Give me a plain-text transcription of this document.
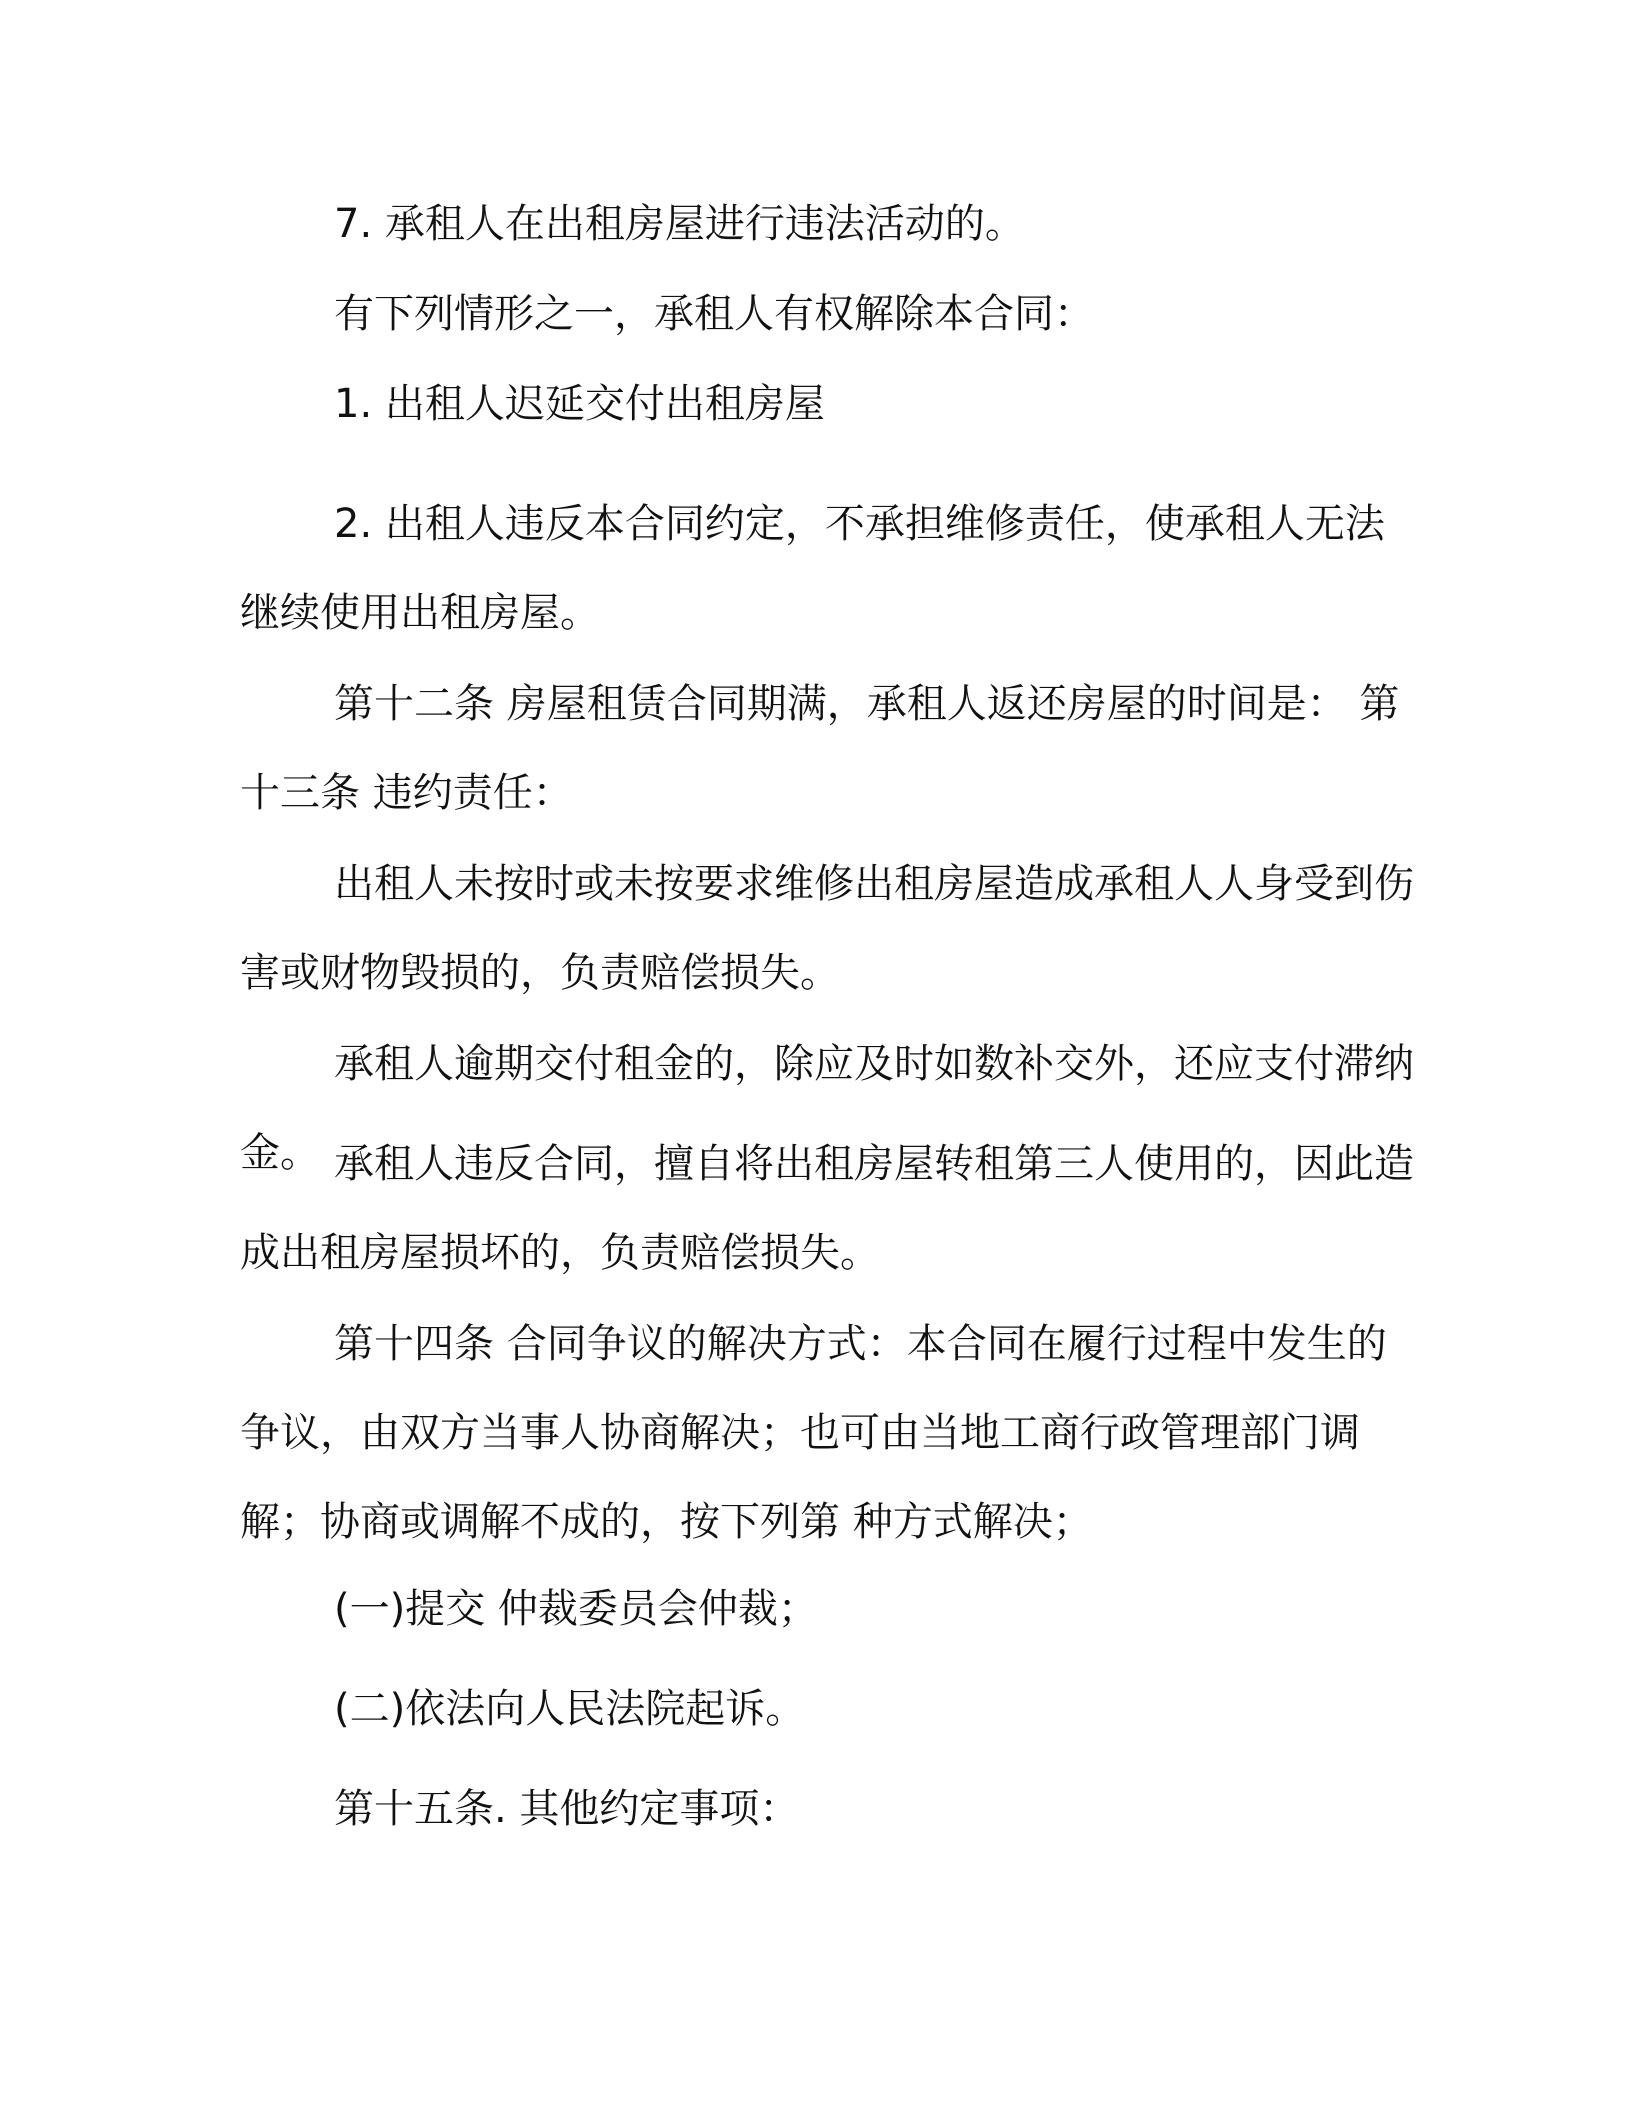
7. 承租人在出租房屋进行违法活动的。

有下列情形之一，承租人有权解除本合同：

1. 出租人迟延交付出租房屋

2. 出租人违反本合同约定，不承担维修责任，使承租人无法继续使用出租房屋。

第十二条 房屋租赁合同期满，承租人返还房屋的时间是： 第十三条 违约责任：

出租人未按时或未按要求维修出租房屋造成承租人人身受到伤害或财物毁损的，负责赔偿损失。

承租人逾期交付租金的，除应及时如数补交外，还应支付滞纳金。 承租人违反合同，擅自将出租房屋转租第三人使用的，因此造成出租房屋损坏的，负责赔偿损失。

第十四条 合同争议的解决方式：本合同在履行过程中发生的争议，由双方当事人协商解决；也可由当地工商行政管理部门调解；协商或调解不成的，按下列第 种方式解决；

(一)提交 仲裁委员会仲裁；

(二)依法向人民法院起诉。

第十五条. 其他约定事项：
